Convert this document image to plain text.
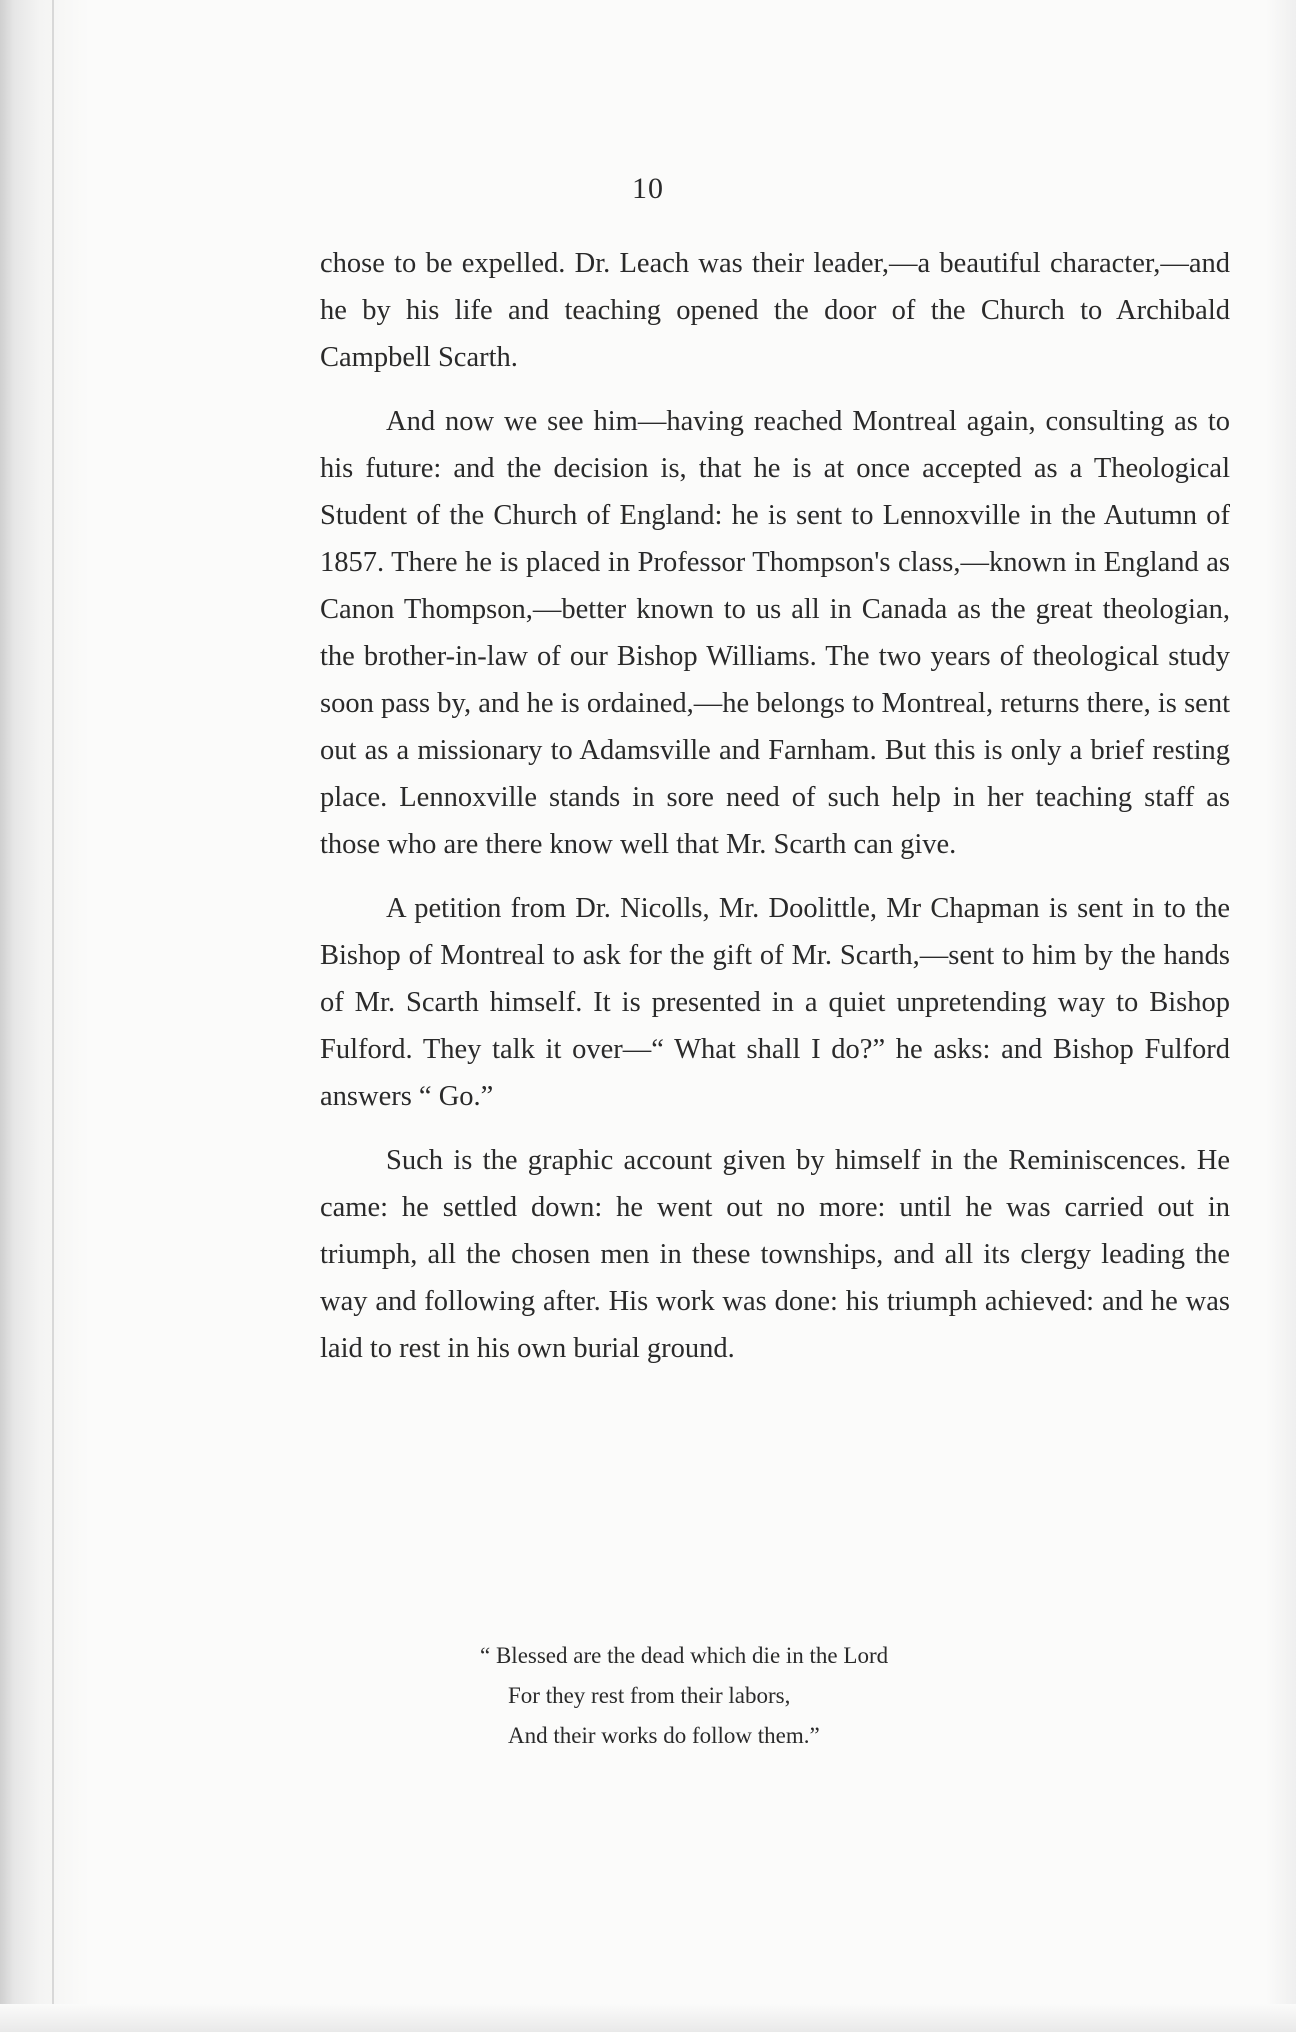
10

chose to be expelled. Dr. Leach was their leader,—a beautiful character,—and he by his life and teaching opened the door of the Church to Archibald Campbell Scarth.

And now we see him—having reached Montreal again, consulting as to his future: and the decision is, that he is at once accepted as a Theological Student of the Church of England: he is sent to Lennoxville in the Autumn of 1857. There he is placed in Professor Thompson's class,—known in England as Canon Thompson,—better known to us all in Canada as the great theologian, the brother-in-law of our Bishop Williams. The two years of theological study soon pass by, and he is ordained,—he belongs to Montreal, returns there, is sent out as a missionary to Adamsville and Farnham. But this is only a brief resting place. Lennoxville stands in sore need of such help in her teaching staff as those who are there know well that Mr. Scarth can give.

A petition from Dr. Nicolls, Mr. Doolittle, Mr Chapman is sent in to the Bishop of Montreal to ask for the gift of Mr. Scarth,—sent to him by the hands of Mr. Scarth himself. It is presented in a quiet unpretending way to Bishop Fulford. They talk it over—“ What shall I do?” he asks: and Bishop Fulford answers “ Go.”

Such is the graphic account given by himself in the Reminiscences. He came: he settled down: he went out no more: until he was carried out in triumph, all the chosen men in these townships, and all its clergy leading the way and following after. His work was done: his triumph achieved: and he was laid to rest in his own burial ground.

“ Blessed are the dead which die in the Lord
For they rest from their labors,
And their works do follow them.”
